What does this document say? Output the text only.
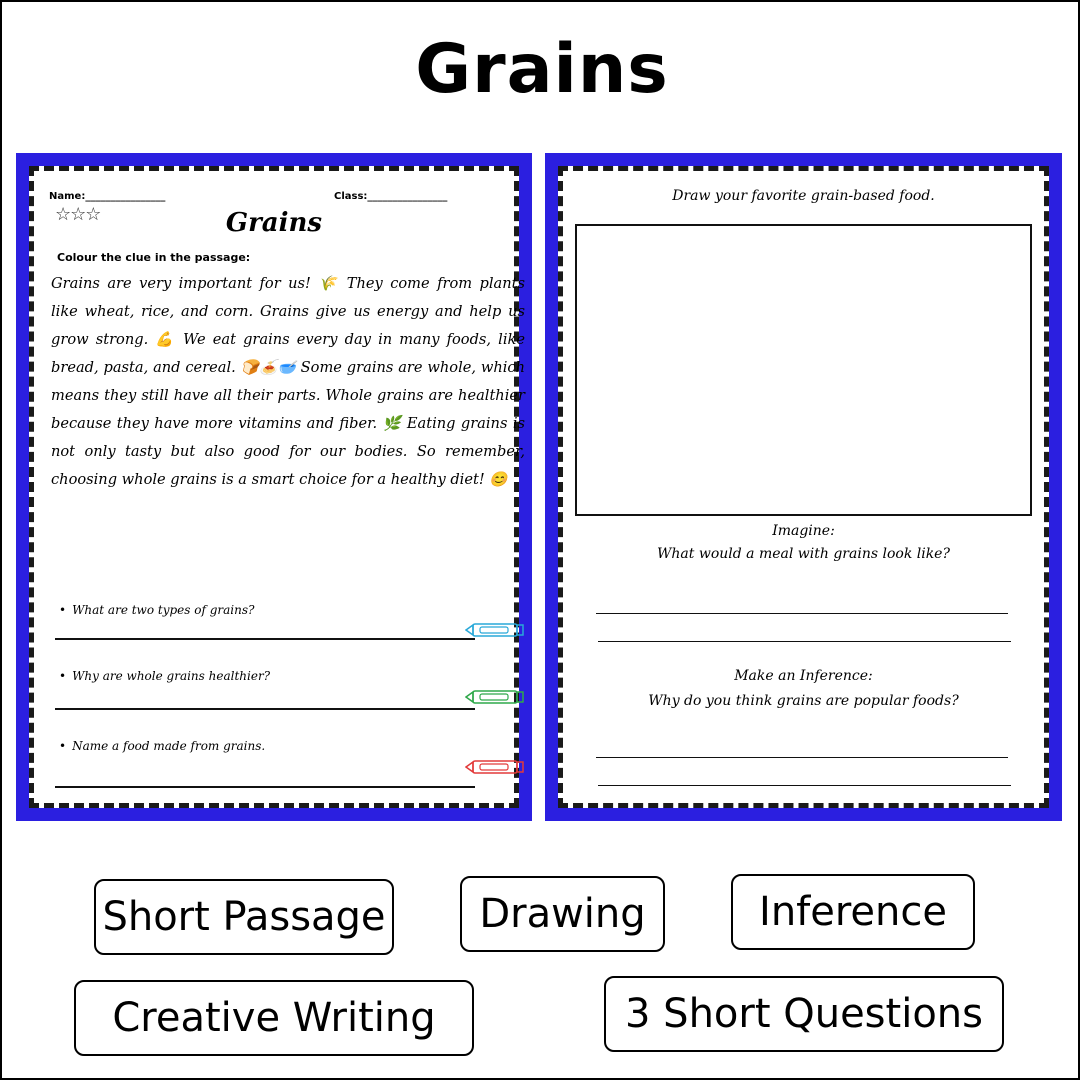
Grains
Name:________________	Class:________________
☆☆☆	Grains
Colour the clue in the passage:
Grains are very important for us! 🌾 They come from plants like wheat, rice, and corn. Grains give us energy and help us grow strong. 💪 We eat grains every day in many foods, like bread, pasta, and cereal. 🍞🍝🥣 Some grains are whole, which means they still have all their parts. Whole grains are healthier because they have more vitamins and fiber. 🌿 Eating grains is not only tasty but also good for our bodies. So remember, choosing whole grains is a smart choice for a healthy diet! 😊
• What are two types of grains?
• Why are whole grains healthier?
• Name a food made from grains.
Draw your favorite grain-based food.
Imagine:
What would a meal with grains look like?
Make an Inference:
Why do you think grains are popular foods?
Short Passage	Drawing	Inference
Creative Writing	3 Short Questions
